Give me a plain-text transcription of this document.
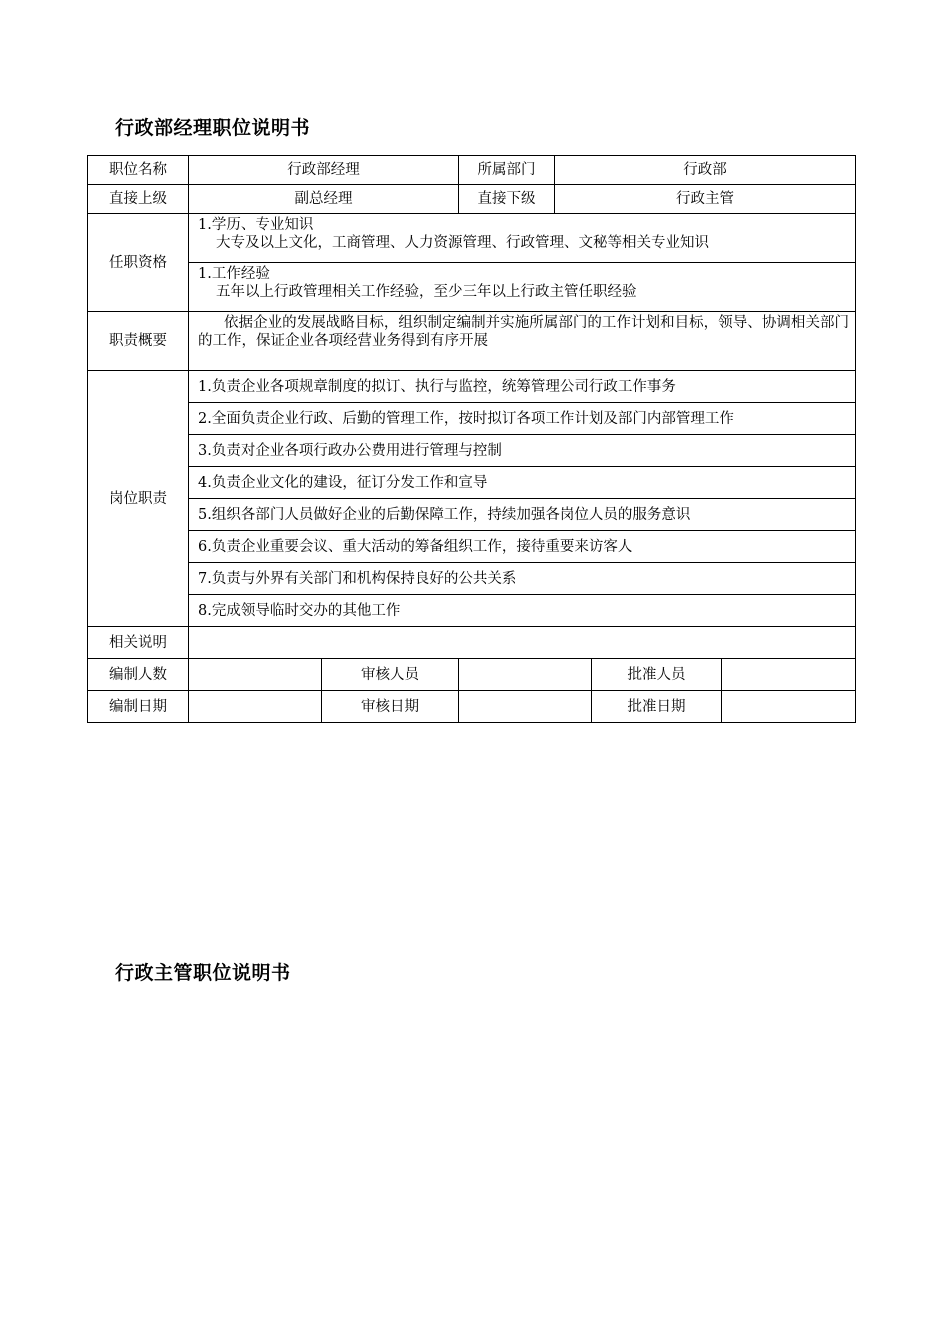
行政部经理职位说明书
职位名称	行政部经理		所属部门	行政部		
直接上级	副总经理		直接下级	行政主管		
任职资格	1.学历、专业知识
大专及以上文化，工商管理、人力资源管理、行政管理、文秘等相关专业知识					

	1.工作经验
五年以上行政管理相关工作经验，至少三年以上行政主管任职经验					

职责概要	依据企业的发展战略目标，组织制定编制并实施所属部门的工作计划和目标，领导、协调相关部门的工作，保证企业各项经营业务得到有序开展					
岗位职责	1.负责企业各项规章制度的拟订、执行与监控，统筹管理公司行政工作事务					
	2.全面负责企业行政、后勤的管理工作，按时拟订各项工作计划及部门内部管理工作					
	3.负责对企业各项行政办公费用进行管理与控制					
	4.负责企业文化的建设，征订分发工作和宣导					
	5.组织各部门人员做好企业的后勤保障工作，持续加强各岗位人员的服务意识					
	6.负责企业重要会议、重大活动的筹备组织工作，接待重要来访客人					
	7.负责与外界有关部门和机构保持良好的公共关系					
	8.完成领导临时交办的其他工作					
相关说明						
编制人数		审核人员			批准人员	
编制日期		审核日期			批准日期	
行政主管职位说明书
